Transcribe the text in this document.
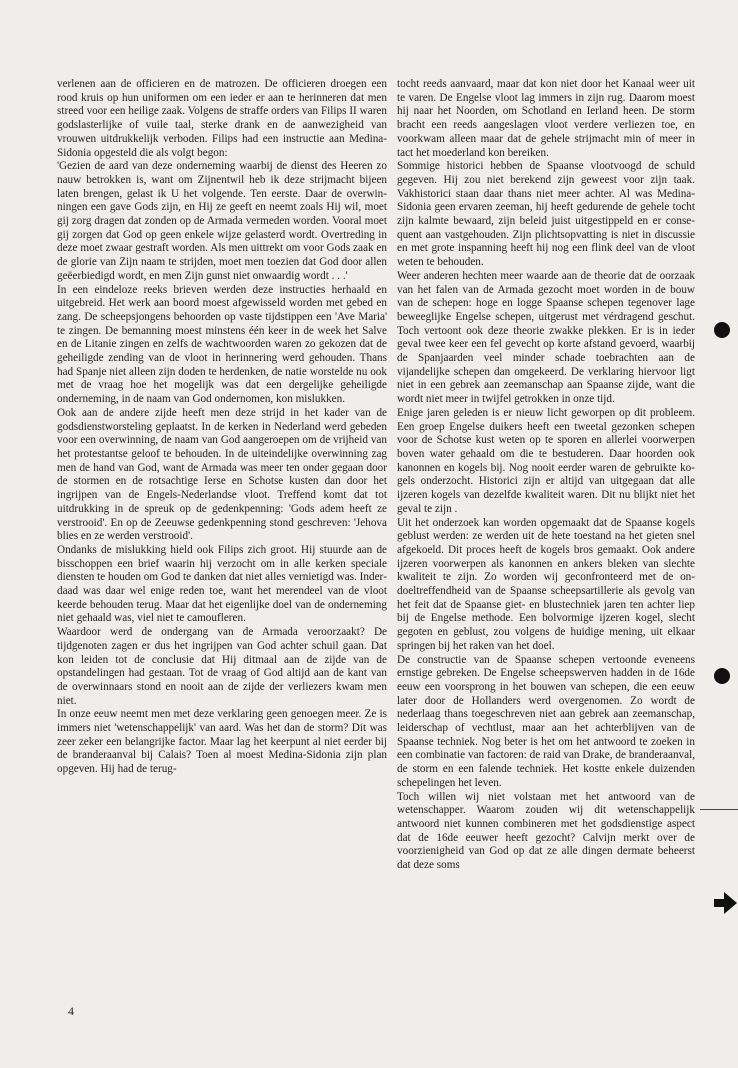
verlenen aan de officieren en de matrozen. De officieren droegen een rood kruis op hun uniformen om een ieder er aan te herinneren dat men streed voor een heilige zaak. Volgens de straffe orders van Filips II waren godslasterlijke of vuile taal, sterke drank en de aanwezigheid van vrouwen uitdrukkelijk verboden. Filips had een instructie aan Medina-Sidonia opgesteld die als volgt begon:

'Gezien de aard van deze onderneming waarbij de dienst des Heeren zo nauw betrokken is, want om Zijnentwil heb ik deze strijmacht bijeen laten brengen, gelast ik U het volgende. Ten eerste. Daar de overwinningen een gave Gods zijn, en Hij ze geeft en neemt zoals Hij wil, moet gij zorg dragen dat zonden op de Armada vermeden worden. Vooral moet gij zorgen dat God op geen enkele wijze gelasterd wordt. Overtreding in deze moet zwaar gestraft worden. Als men uittrekt om voor Gods zaak en de glorie van Zijn naam te strijden, moet men toezien dat God door allen geëerbiedigd wordt, en men Zijn gunst niet onwaardig wordt . . .'

In een eindeloze reeks brieven werden deze instructies herhaald en uitgebreid. Het werk aan boord moest afgewisseld worden met gebed en zang. De scheepsjongens behoorden op vaste tijdstippen een 'Ave Maria' te zingen. De bemanning moest minstens één keer in de week het Salve en de Litanie zingen en zelfs de wachtwoorden waren zo gekozen dat de geheiligde zending van de vloot in herinnering werd gehouden. Thans had Spanje niet alleen zijn doden te herdenken, de natie worstelde nu ook met de vraag hoe het mogelijk was dat een dergelijke geheiligde onderneming, in de naam van God ondernomen, kon mislukken.

Ook aan de andere zijde heeft men deze strijd in het kader van de godsdienstworsteling geplaatst. In de kerken in Nederland werd gebeden voor een overwinning, de naam van God aangeroepen om de vrijheid van het protestantse geloof te behouden. In de uiteindelijke overwinning zag men de hand van God, want de Armada was meer ten onder gegaan door de stormen en de rotsachtige Ierse en Schotse kusten dan door het ingrijpen van de Engels-Nederlandse vloot. Treffend komt dat tot uitdrukking in de spreuk op de gedenkpenning: 'Gods adem heeft ze verstrooid'. En op de Zeeuwse gedenkpenning stond geschreven: 'Jehova blies en ze werden verstrooid'.

Ondanks de mislukking hield ook Filips zich groot. Hij stuurde aan de bisschoppen een brief waarin hij verzocht om in alle kerken speciale diensten te houden om God te danken dat niet alles vernietigd was. Inderdaad was daar wel enige reden toe, want het merendeel van de vloot keerde behouden terug. Maar dat het eigenlijke doel van de onderneming niet gehaald was, viel niet te camoufleren.

Waardoor werd de ondergang van de Armada veroorzaakt? De tijdgenoten zagen er dus het ingrijpen van God achter schuil gaan. Dat kon leiden tot de conclusie dat Hij ditmaal aan de zijde van de opstandelingen had gestaan. Tot de vraag of God altijd aan de kant van de overwinnaars stond en nooit aan de zijde der verliezers kwam men niet.

In onze eeuw neemt men met deze verklaring geen genoegen meer. Ze is immers niet 'wetenschappelijk' van aard. Was het dan de storm? Dit was zeer zeker een belangrijke factor. Maar lag het keerpunt al niet eerder bij de branderaanval bij Calais? Toen al moest Medina-Sidonia zijn plan opgeven. Hij had de terug-

tocht reeds aanvaard, maar dat kon niet door het Kanaal weer uit te varen. De Engelse vloot lag immers in zijn rug. Daarom moest hij naar het Noorden, om Schotland en Ierland heen. De storm bracht een reeds aangeslagen vloot verdere verliezen toe, en voorkwam alleen maar dat de gehele strijmacht min of meer in tact het moederland kon bereiken.

Sommige historici hebben de Spaanse vlootvoogd de schuld gegeven. Hij zou niet berekend zijn geweest voor zijn taak. Vakhistorici staan daar thans niet meer achter. Al was Medina-Sidonia geen ervaren zeeman, hij heeft gedurende de gehele tocht zijn kalmte bewaard, zijn beleid juist uitgestippeld en er consequent aan vastgehouden. Zijn plichtsopvatting is niet in discussie en met grote inspanning heeft hij nog een flink deel van de vloot weten te behouden.

Weer anderen hechten meer waarde aan de theorie dat de oorzaak van het falen van de Armada gezocht moet worden in de bouw van de schepen: hoge en logge Spaanse schepen tegenover lage beweeglijke Engelse schepen, uitgerust met vérdragend geschut. Toch vertoont ook deze theorie zwakke plekken. Er is in ieder geval twee keer een fel gevecht op korte afstand gevoerd, waarbij de Spanjaarden veel minder schade toebrachten aan de vijandelijke schepen dan omgekeerd. De verklaring hiervoor ligt niet in een gebrek aan zeemanschap aan Spaanse zijde, want die wordt niet meer in twijfel getrokken in onze tijd.

Enige jaren geleden is er nieuw licht geworpen op dit probleem. Een groep Engelse duikers heeft een tweetal gezonken schepen voor de Schotse kust weten op te sporen en allerlei voorwerpen boven water gehaald om die te bestuderen. Daar hoorden ook kanonnen en kogels bij. Nog nooit eerder waren de gebruikte kogels onderzocht. Historici zijn er altijd van uitgegaan dat alle ijzeren kogels van dezelfde kwaliteit waren. Dit nu blijkt niet het geval te zijn .

Uit het onderzoek kan worden opgemaakt dat de Spaanse kogels geblust werden: ze werden uit de hete toestand na het gieten snel afgekoeld. Dit proces heeft de kogels bros gemaakt. Ook andere ijzeren voorwerpen als kanonnen en ankers bleken van slechte kwaliteit te zijn. Zo worden wij geconfronteerd met de ondoeltreffendheid van de Spaanse scheepsartillerie als gevolg van het feit dat de Spaanse giet- en blustechniek jaren ten achter liep bij de Engelse methode. Een bolvormige ijzeren kogel, slecht gegoten en geblust, zou volgens de huidige mening, uit elkaar springen bij het raken van het doel.

De constructie van de Spaanse schepen vertoonde eveneens ernstige gebreken. De Engelse scheepswerven hadden in de 16de eeuw een voorsprong in het bouwen van schepen, die een eeuw later door de Hollanders werd overgenomen. Zo wordt de nederlaag thans toegeschreven niet aan gebrek aan zeemanschap, leiderschap of vechtlust, maar aan het achterblijven van de Spaanse techniek. Nog beter is het om het antwoord te zoeken in een combinatie van factoren: de raid van Drake, de branderaanval, de storm en een falende techniek. Het kostte enkele duizenden schepelingen het leven.

Toch willen wij niet volstaan met het antwoord van de wetenschapper. Waarom zouden wij dit wetenschappelijk antwoord niet kunnen combineren met het godsdienstige aspect dat de 16de eeuwer heeft gezocht? Calvijn merkt over de voorzienigheid van God op dat ze alle dingen dermate beheerst dat deze soms

4
